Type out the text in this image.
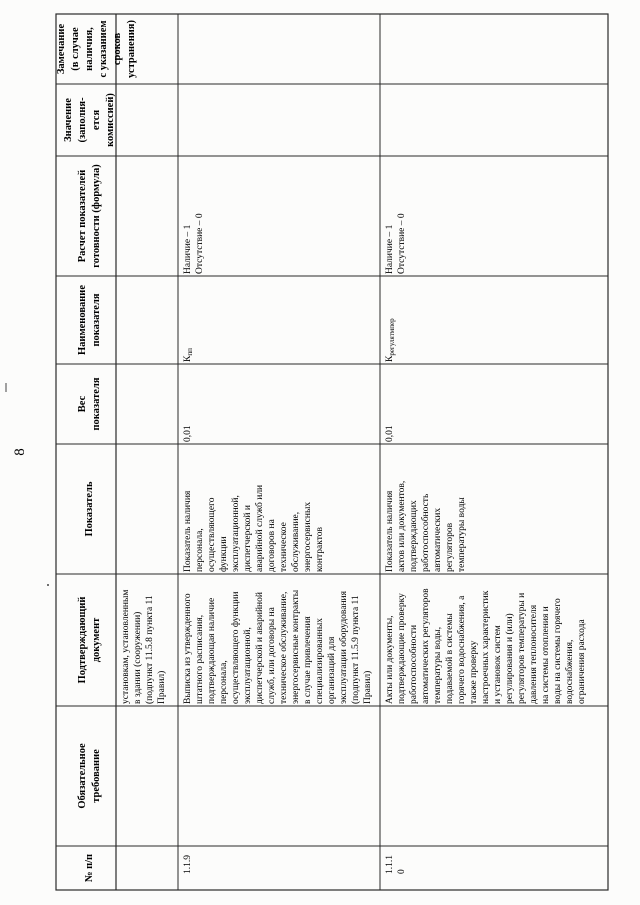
8
№ п/п
Обязательное требование
Подтверждающий документ
Показатель
Вес показателя
Наименование показателя
Расчет показателей готовности (формула)
Значение (заполня- ется комиссией)
Замечание (в случае наличия, с указанием сроков устранения)
установкам, установленным в здании (сооружении) (подпункт 11.5.8 пункта 11 Правил)
1.1.9
Выписка из утвержденного штатного расписания, подтверждающая наличие персонала, осуществляющего функции эксплуатационной, диспетчерской и аварийной служб, или договоры на техническое обслуживание, энергосервисные контракты в случае привлечения специализированных организаций для эксплуатации оборудования (подпункт 11.5.9 пункта 11 Правил)
Показатель наличия персонала, осуществляющего функции эксплуатационной, диспетчерской и аварийной служб или договоров на техническое обслуживание, энергосервисных контрактов
0,01
$К_{пп}$
Наличие – 1 Отсутствие – 0
1.1.1 0
Акты или документы, подтверждающие проверку работоспособности автоматических регуляторов температуры воды, подаваемой в системы горячего водоснабжения, а также проверку настроечных характеристик и установок систем регулирования и (или) регуляторов температуры и давления теплоносителя на системы отопления и воды на системы горячего водоснабжения, ограничения расхода
Показатель наличия актов или документов, подтверждающих работоспособность автоматических регуляторов температуры воды
0,01
$К_{регулятмпер}$
Наличие – 1 Отсутствие – 0
